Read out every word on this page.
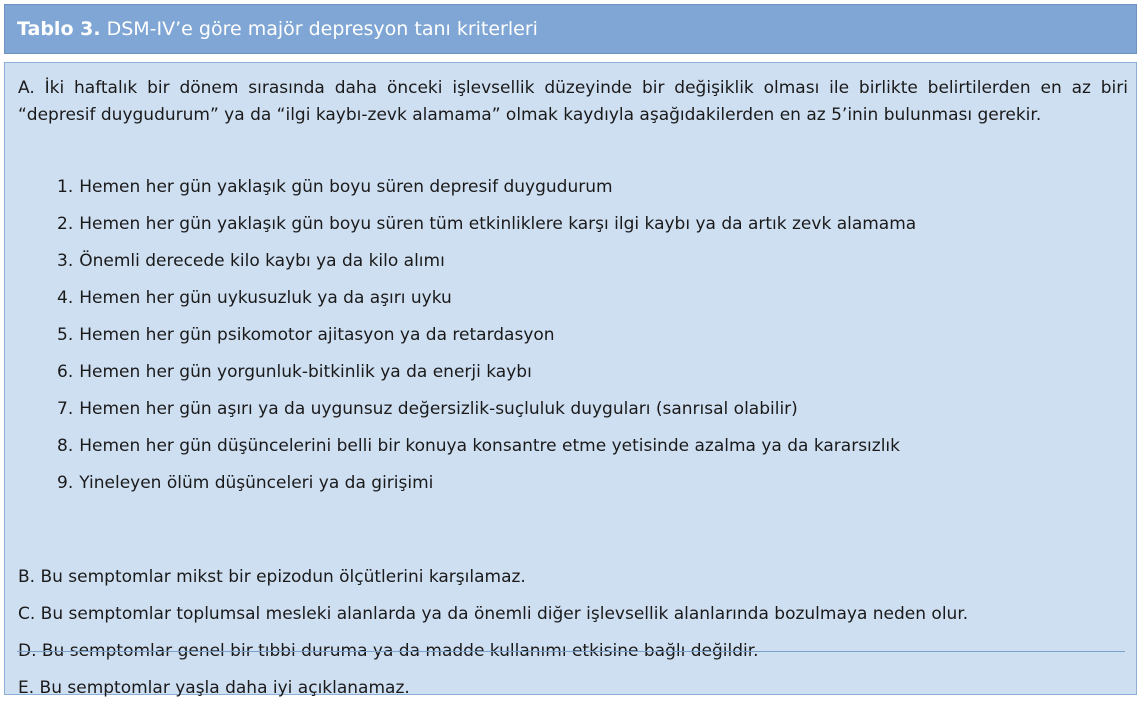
Tablo 3. DSM-IV’e göre majör depresyon tanı kriterleri
A. İki haftalık bir dönem sırasında daha önceki işlevsellik düzeyinde bir değişiklik olması ile birlikte belirtilerden en az biri “depresif duygudurum” ya da “ilgi kaybı-zevk alamama” olmak kaydıyla aşağıdakilerden en az 5’inin bulunması gerekir.
1. Hemen her gün yaklaşık gün boyu süren depresif duygudurum
2. Hemen her gün yaklaşık gün boyu süren tüm etkinliklere karşı ilgi kaybı ya da artık zevk alamama
3. Önemli derecede kilo kaybı ya da kilo alımı
4. Hemen her gün uykusuzluk ya da aşırı uyku
5. Hemen her gün psikomotor ajitasyon ya da retardasyon
6. Hemen her gün yorgunluk-bitkinlik ya da enerji kaybı
7. Hemen her gün aşırı ya da uygunsuz değersizlik-suçluluk duyguları (sanrısal olabilir)
8. Hemen her gün düşüncelerini belli bir konuya konsantre etme yetisinde azalma ya da kararsızlık
9. Yineleyen ölüm düşünceleri ya da girişimi
B. Bu semptomlar mikst bir epizodun ölçütlerini karşılamaz.
C. Bu semptomlar toplumsal mesleki alanlarda ya da önemli diğer işlevsellik alanlarında bozulmaya neden olur.
D. Bu semptomlar genel bir tıbbi duruma ya da madde kullanımı etkisine bağlı değildir.
E. Bu semptomlar yaşla daha iyi açıklanamaz.
